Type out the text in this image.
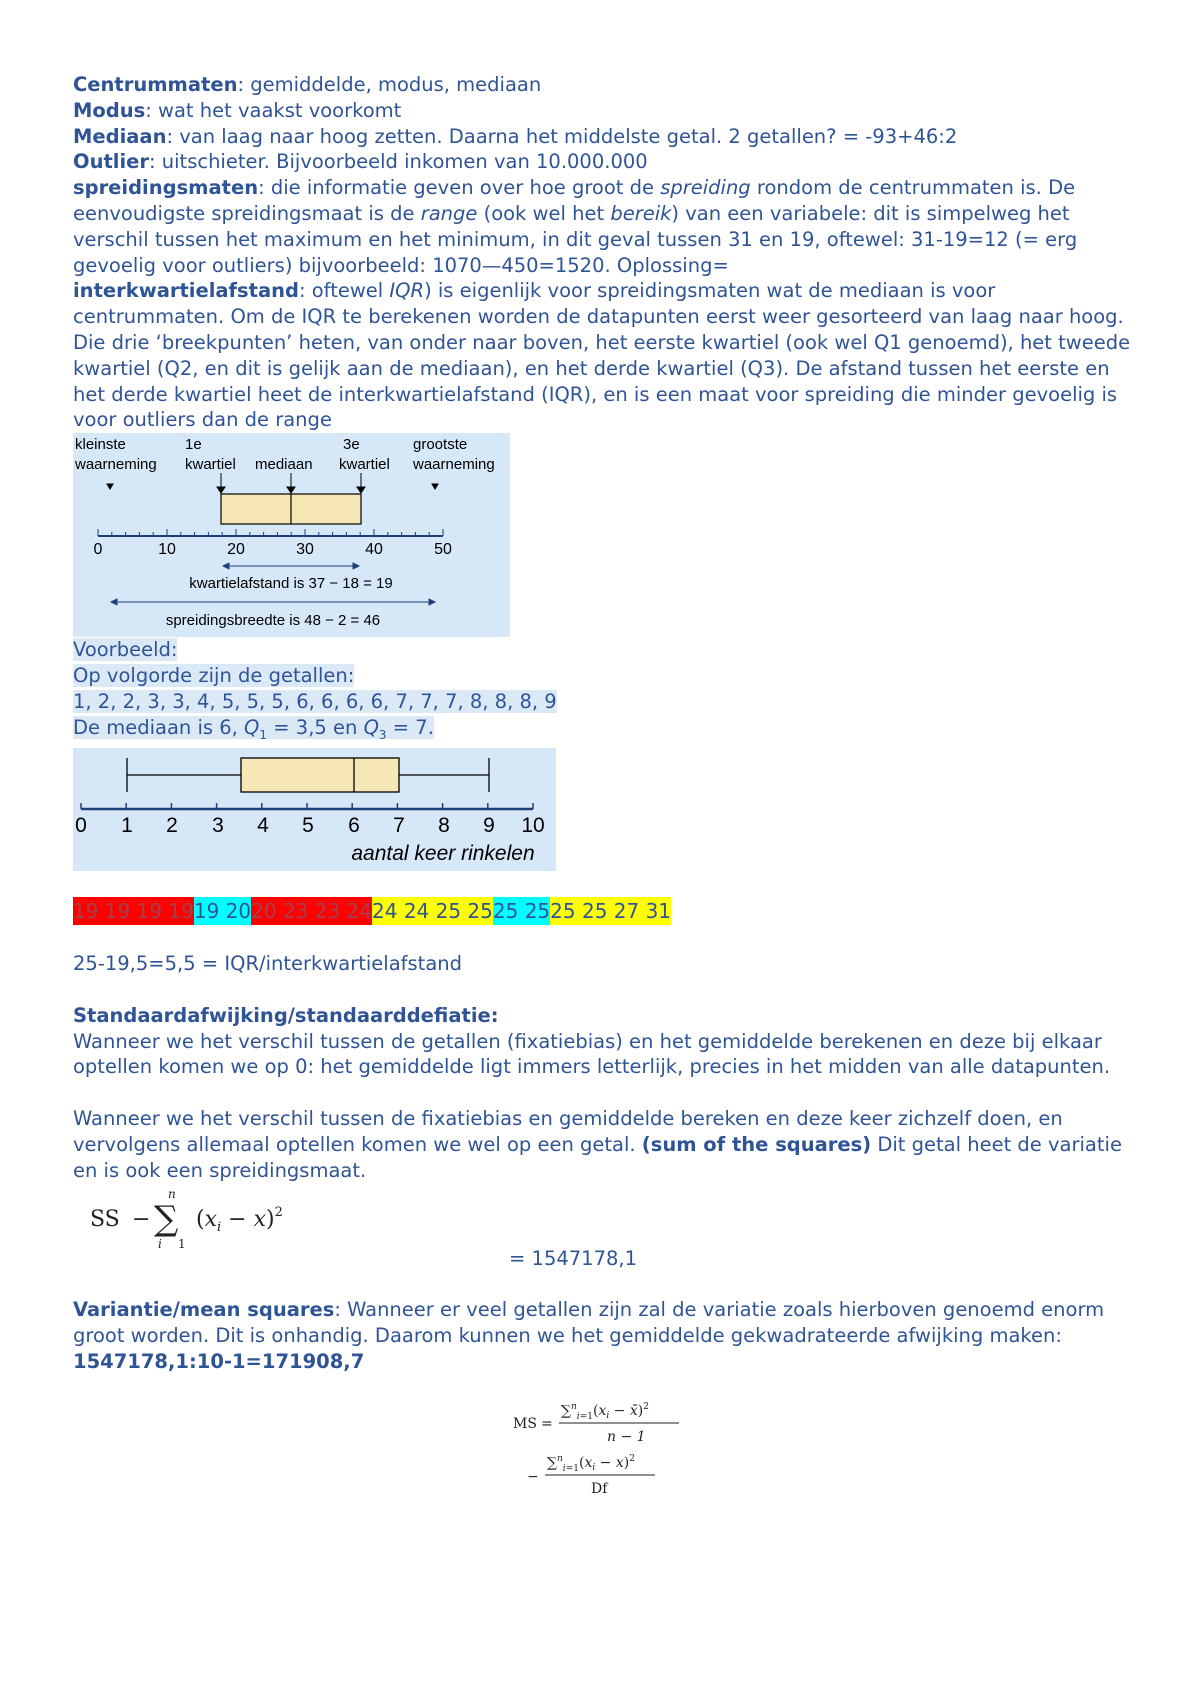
Centrummaten: gemiddelde, modus, mediaan

Modus: wat het vaakst voorkomt

Mediaan: van laag naar hoog zetten. Daarna het middelste getal. 2 getallen? = -93+46:2

Outlier: uitschieter. Bijvoorbeeld inkomen van 10.000.000

spreidingsmaten: die informatie geven over hoe groot de spreiding rondom de centrummaten is. De eenvoudigste spreidingsmaat is de range (ook wel het bereik) van een variabele: dit is simpelweg het verschil tussen het maximum en het minimum, in dit geval tussen 31 en 19, oftewel: 31-19=12 (= erg gevoelig voor outliers) bijvoorbeeld: 1070—450=1520. Oplossing=

interkwartielafstand: oftewel IQR) is eigenlijk voor spreidingsmaten wat de mediaan is voor centrummaten. Om de IQR te berekenen worden de datapunten eerst weer gesorteerd van laag naar hoog. Die drie ‘breekpunten’ heten, van onder naar boven, het eerste kwartiel (ook wel Q1 genoemd), het tweede kwartiel (Q2, en dit is gelijk aan de mediaan), en het derde kwartiel (Q3). De afstand tussen het eerste en het derde kwartiel heet de interkwartielafstand (IQR), en is een maat voor spreiding die minder gevoelig is voor outliers dan de range

kleinste
waarneming
1e
kwartiel mediaan
3e
kwartiel
grootste
waarneming
0	10	20	30	40	50
kwartielafstand is 37 − 18 = 19
spreidingsbreedte is 48 − 2 = 46

Voorbeeld:

Op volgorde zijn de getallen:

1, 2, 2, 3, 3, 4, 5, 5, 5, 6, 6, 6, 6, 7, 7, 7, 8, 8, 8, 9

De mediaan is 6, $Q_1 = 3,5$ en $Q_3 = 7$.

0 1 2 3 4 5 6 7 8 9 10
aantal keer rinkelen

19 19 19 1919 2020 23 23 2424 24 25 2525 2525 25 27 31

25-19,5=5,5 = IQR/interkwartielafstand

Standaardafwijking/standaarddefiatie:

Wanneer we het verschil tussen de getallen (fixatiebias) en het gemiddelde berekenen en deze bij elkaar optellen komen we op 0: het gemiddelde ligt immers letterlijk, precies in het midden van alle datapunten.

Wanneer we het verschil tussen de fixatiebias en gemiddelde bereken en deze keer zichzelf doen, en vervolgens allemaal optellen komen we wel op een getal. (sum of the squares) Dit getal heet de variatie en is ook een spreidingsmaat.

SS − ∑
n
i 1
$(x_i - x)^2$

= 1547178,1

Variantie/mean squares: Wanneer er veel getallen zijn zal de variatie zoals hierboven genoemd enorm groot worden. Dit is onhandig. Daarom kunnen we het gemiddelde gekwadrateerde afwijking maken:1547178,1:10-1=171908,7

MS =
$\sum^n_i=1(x_i$ − x̄)$^2$
n − 1
−
$\sum^n_i=1(x_i - x)^2$
Df
